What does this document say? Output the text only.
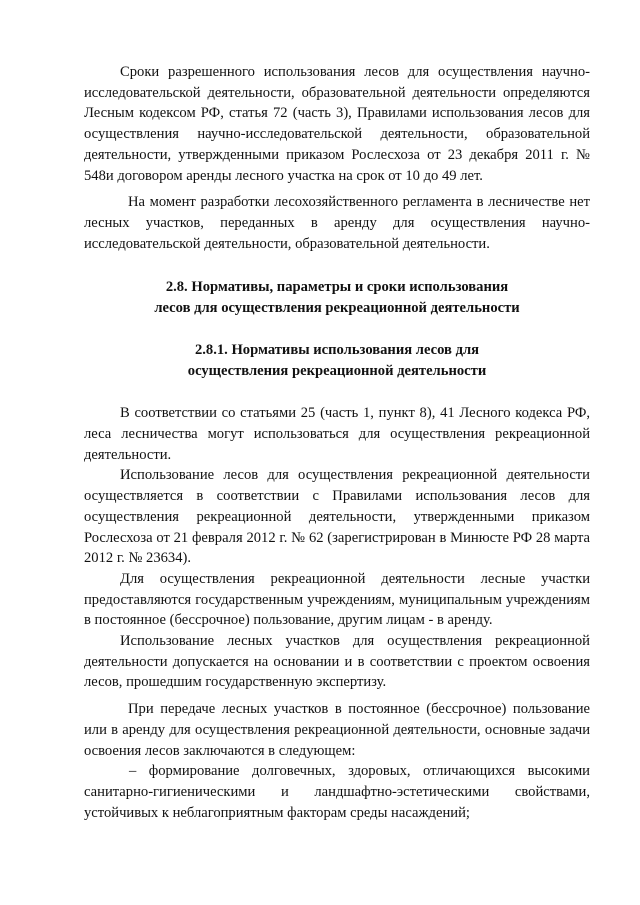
Сроки разрешенного использования лесов для осуществления научно-исследовательской деятельности, образовательной деятельности определяются Лесным кодексом РФ, статья 72 (часть 3), Правилами использования лесов для осуществления научно-исследовательской деятельности, образовательной деятельности, утвержденными приказом Рослесхоза от 23 декабря 2011 г. № 548и договором аренды лесного участка на срок от 10 до 49 лет.

На момент разработки лесохозяйственного регламента в лесничестве нет лесных участков, переданных в аренду для осуществления научно-исследовательской деятельности, образовательной деятельности.

2.8. Нормативы, параметры и сроки использования

лесов для осуществления рекреационной деятельности

2.8.1. Нормативы использования лесов для

осуществления рекреационной деятельности

В соответствии со статьями 25 (часть 1, пункт 8), 41 Лесного кодекса РФ, леса лесничества могут использоваться для осуществления рекреационной деятельности.

Использование лесов для осуществления рекреационной деятельности осуществляется в соответствии с Правилами использования лесов для осуществления рекреационной деятельности, утвержденными приказом Рослесхоза от 21 февраля 2012 г. № 62 (зарегистрирован в Минюсте РФ 28 марта 2012 г. № 23634).

Для осуществления рекреационной деятельности лесные участки предоставляются государственным учреждениям, муниципальным учреждениям в постоянное (бессрочное) пользование, другим лицам - в аренду.

Использование лесных участков для осуществления рекреационной деятельности допускается на основании и в соответствии с проектом освоения лесов, прошедшим государственную экспертизу.

При передаче лесных участков в постоянное (бессрочное) пользование или в аренду для осуществления рекреационной деятельности, основные задачи освоения лесов заключаются в следующем:

– формирование долговечных, здоровых, отличающихся высокими санитарно-гигиеническими и ландшафтно-эстетическими свойствами, устойчивых к неблагоприятным факторам среды насаждений;
